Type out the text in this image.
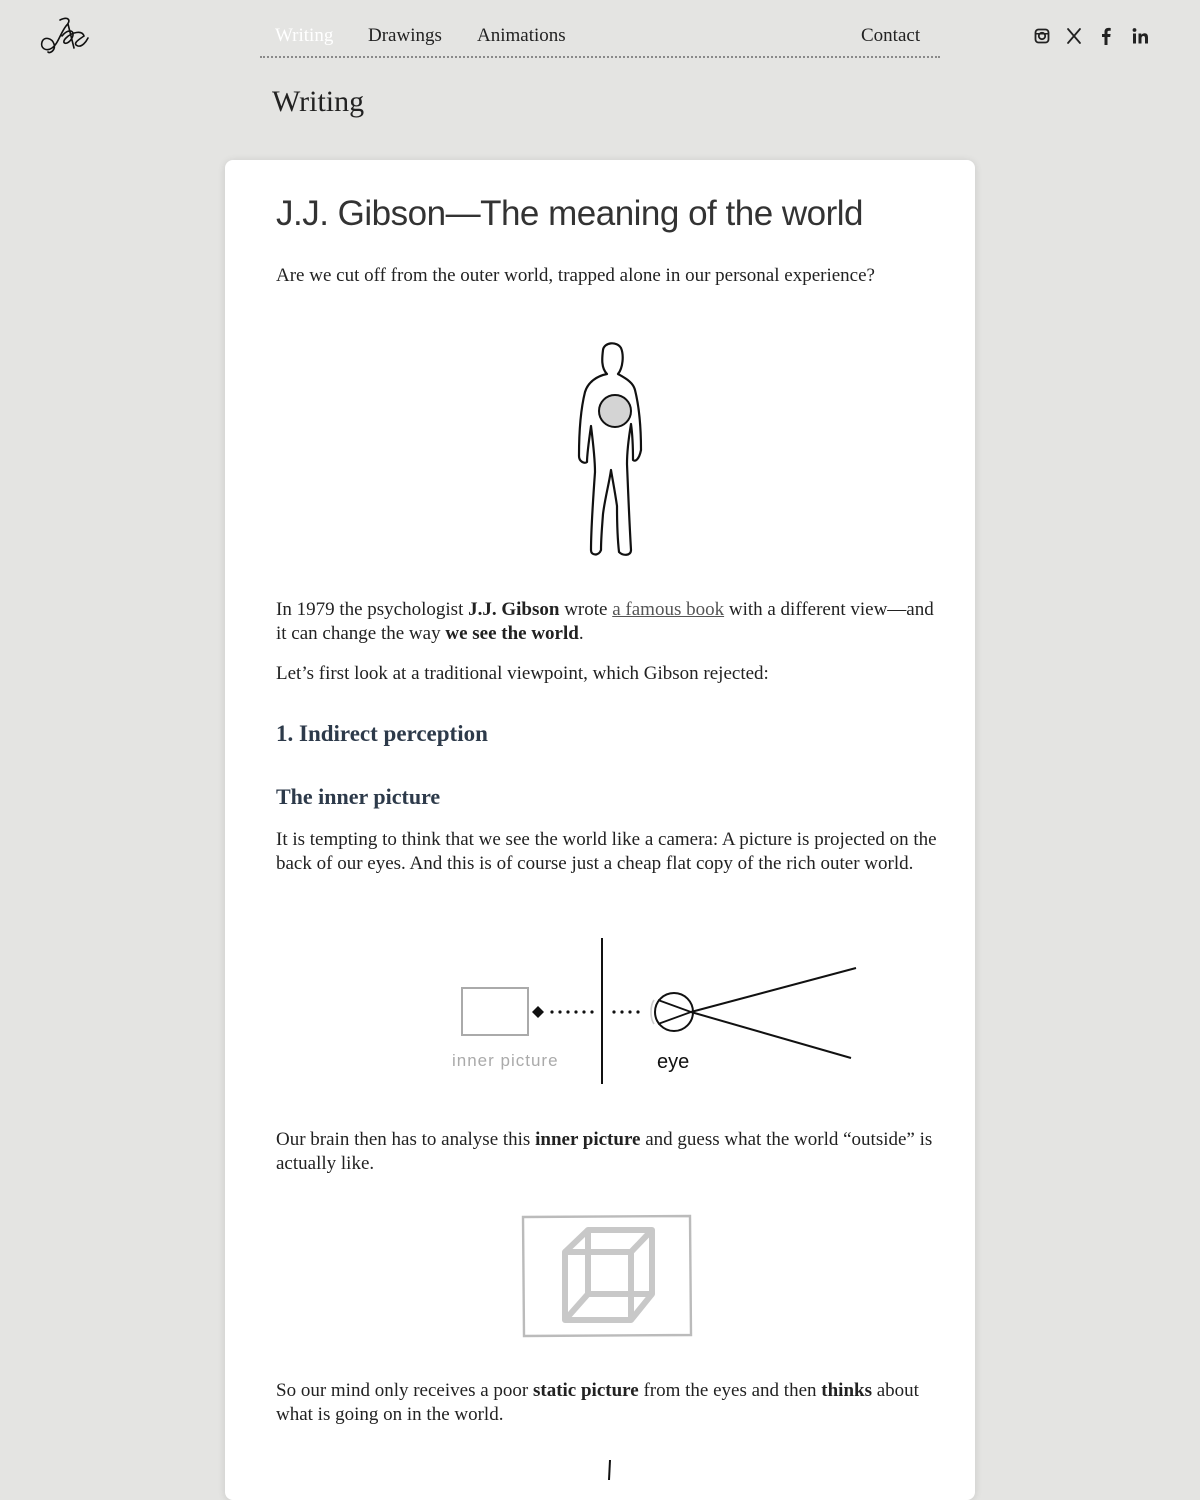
Writing Drawings Animations	Contact
Writing
J.J. Gibson—The meaning of the world

Are we cut off from the outer world, trapped alone in our personal experience?

In 1979 the psychologist J.J. Gibson wrote a famous book with a different view—and it can change the way we see the world.

Let’s first look at a traditional viewpoint, which Gibson rejected:

1. Indirect perception
The inner picture

It is tempting to think that we see the world like a camera: A picture is projected on the back of our eyes. And this is of course just a cheap flat copy of the rich outer world.

inner picture	eye

Our brain then has to analyse this inner picture and guess what the world “outside” is actually like.

So our mind only receives a poor static picture from the eyes and then thinks about what is going on in the world.
